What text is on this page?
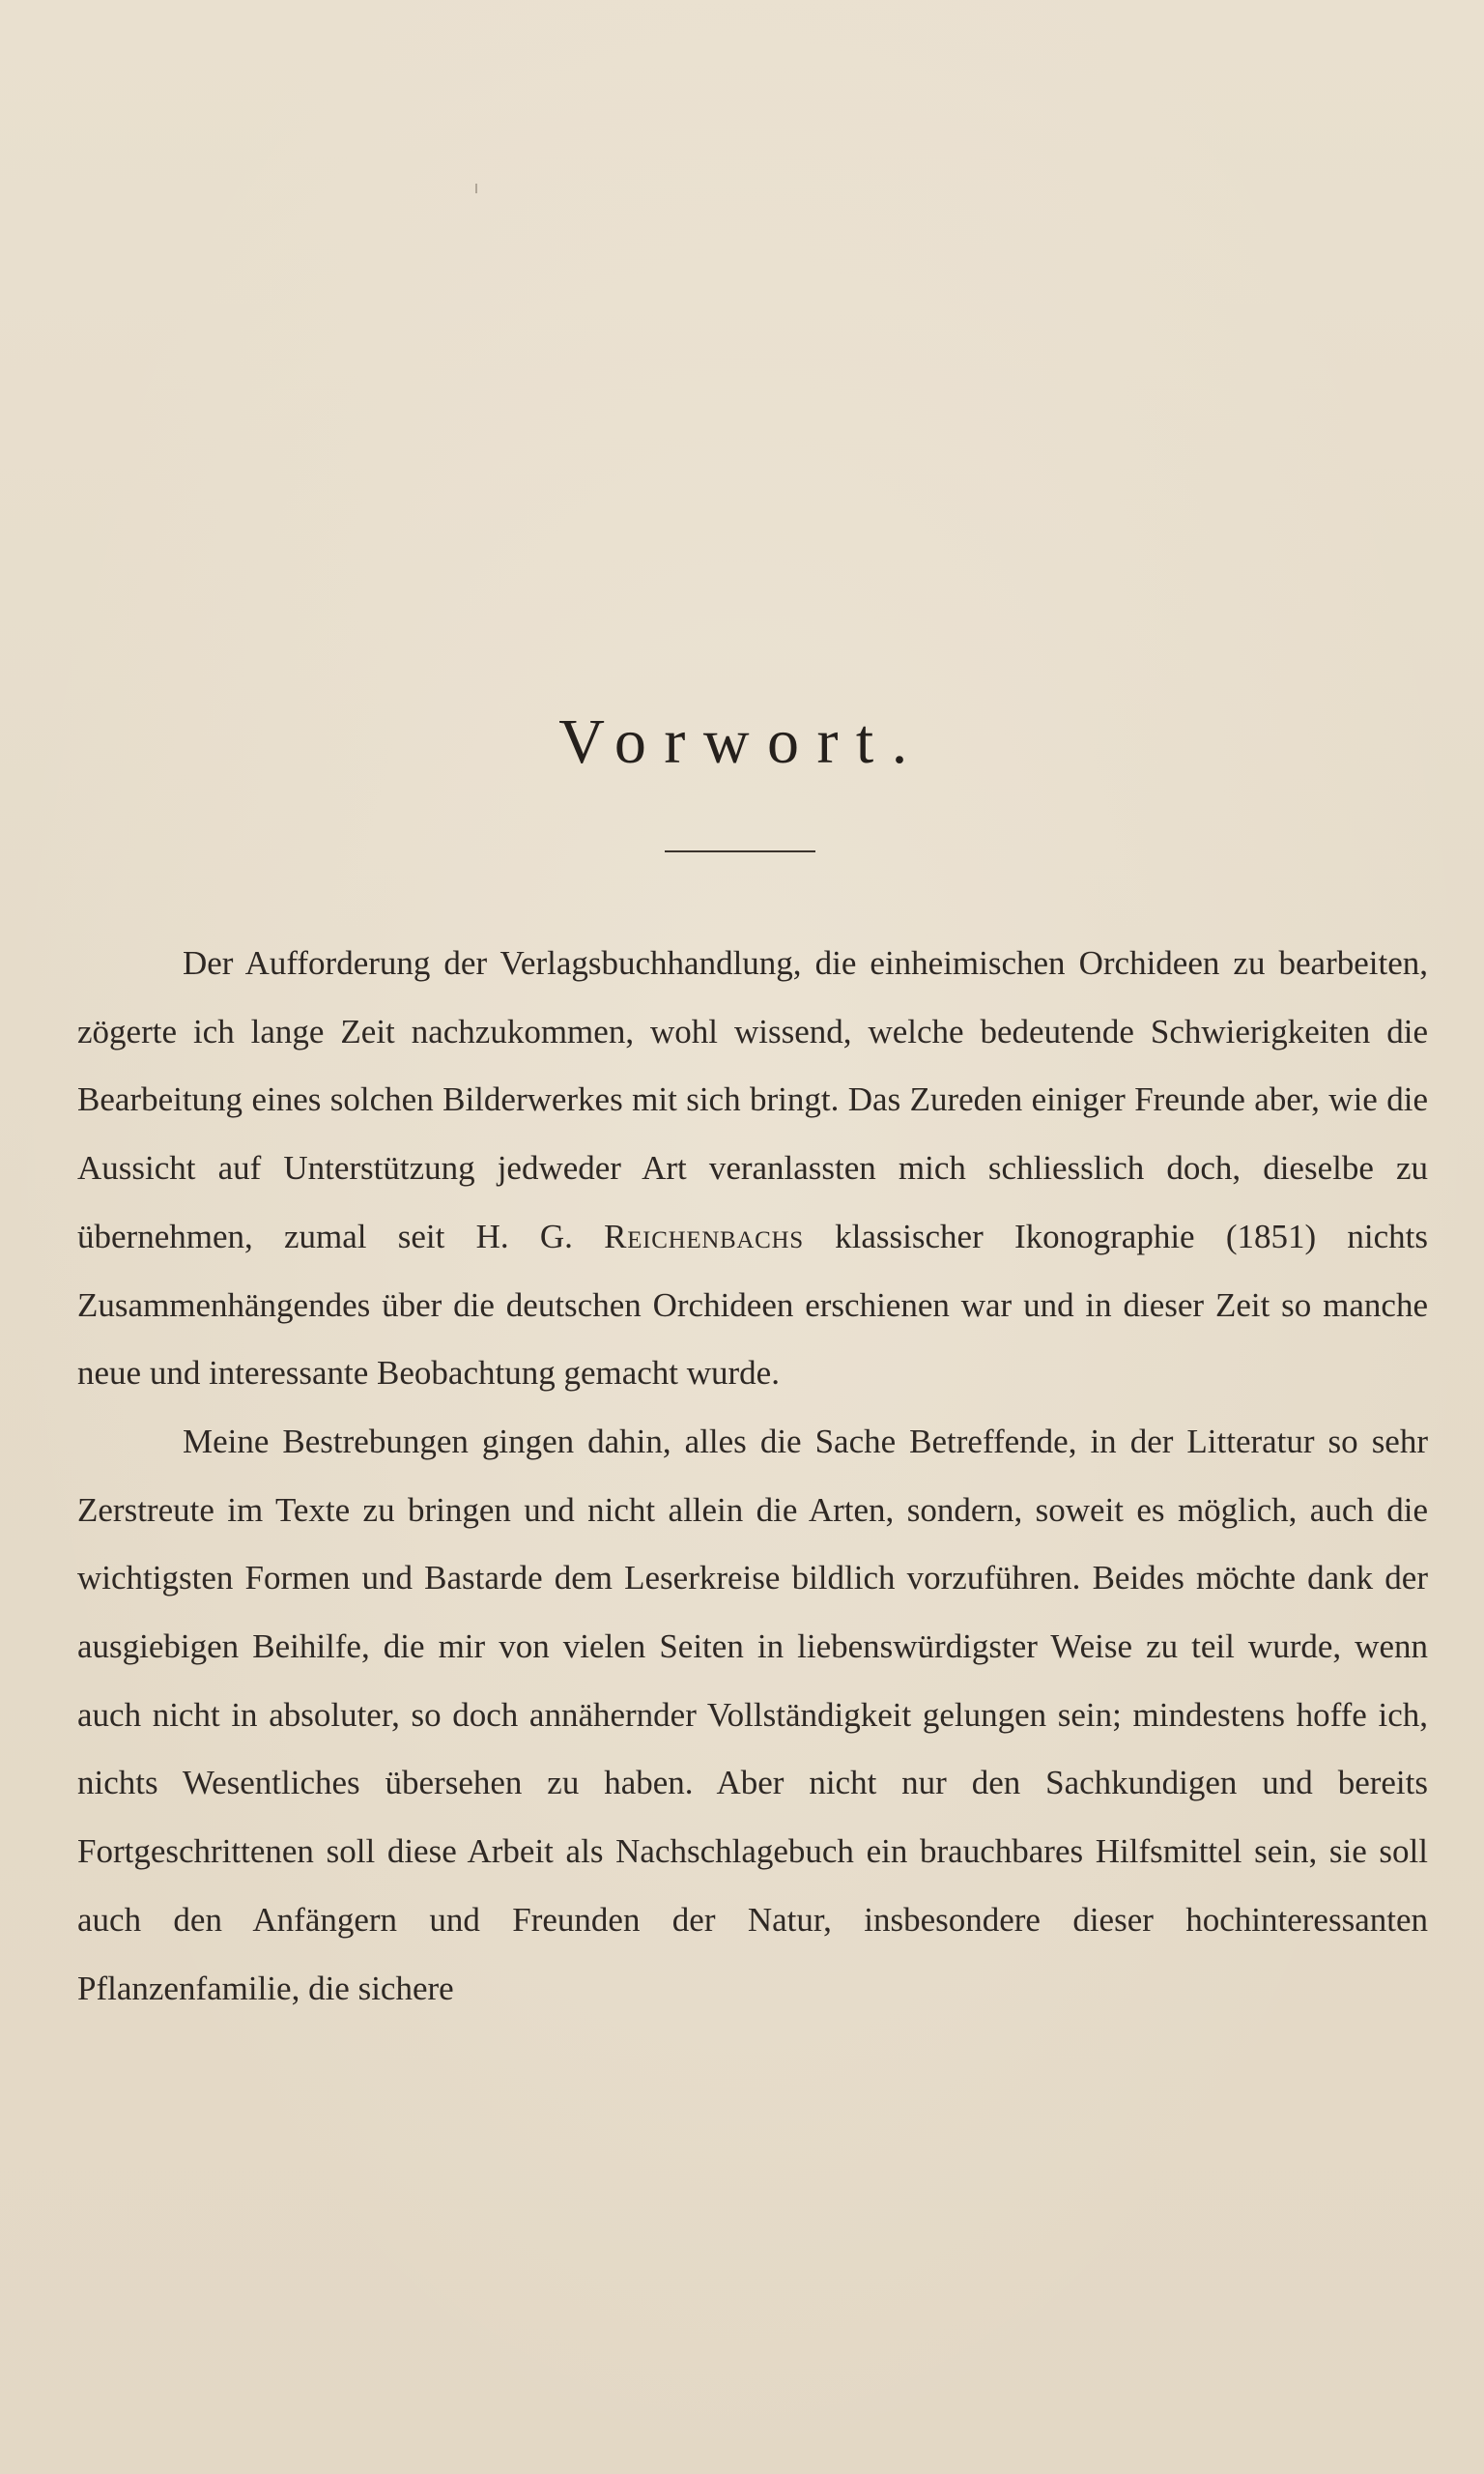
Vorwort.

Der Aufforderung der Verlagsbuchhandlung, die einheimischen Orchideen zu bearbeiten, zögerte ich lange Zeit nachzukommen, wohl wissend, welche bedeutende Schwierigkeiten die Bearbeitung eines solchen Bilderwerkes mit sich bringt. Das Zureden einiger Freunde aber, wie die Aussicht auf Unterstützung jedweder Art veranlassten mich schliesslich doch, dieselbe zu übernehmen, zumal seit H. G. Reichenbachs klassischer Ikonographie (1851) nichts Zusammenhängendes über die deutschen Orchideen erschienen war und in dieser Zeit so manche neue und interessante Beobachtung gemacht wurde.

Meine Bestrebungen gingen dahin, alles die Sache Betreffende, in der Litteratur so sehr Zerstreute im Texte zu bringen und nicht allein die Arten, sondern, soweit es möglich, auch die wichtigsten Formen und Bastarde dem Leserkreise bildlich vorzuführen. Beides möchte dank der ausgiebigen Beihilfe, die mir von vielen Seiten in liebenswürdigster Weise zu teil wurde, wenn auch nicht in absoluter, so doch annähernder Vollständigkeit gelungen sein; mindestens hoffe ich, nichts Wesentliches übersehen zu haben. Aber nicht nur den Sachkundigen und bereits Fortgeschrittenen soll diese Arbeit als Nachschlagebuch ein brauchbares Hilfsmittel sein, sie soll auch den Anfängern und Freunden der Natur, insbesondere dieser hochinteressanten Pflanzenfamilie, die sichere
